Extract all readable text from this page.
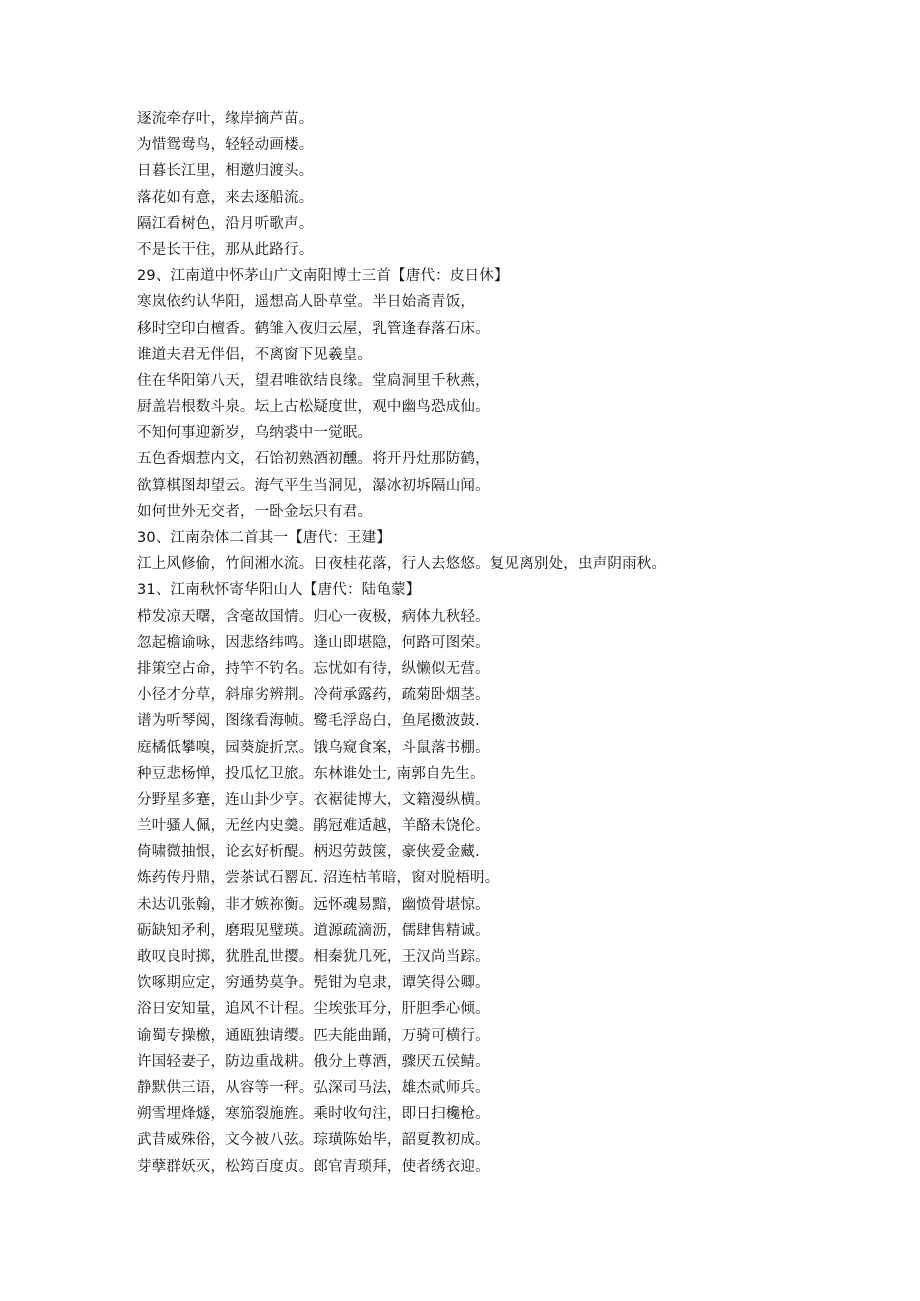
逐流牵存叶，缘岸摘芦苗。
为惜鸳鸯鸟，轻轻动画楼。
日暮长江里，相邀归渡头。
落花如有意，来去逐船流。
隔江看树色，沿月听歌声。
不是长干住，那从此路行。
29、江南道中怀茅山广文南阳博士三首【唐代：皮日休】
寒岚依约认华阳，遥想高人卧草堂。半日始斋青饭，
移时空印白檀香。鹤雏入夜归云屋，乳管逢春落石床。
谁道夫君无伴侣，不离窗下见羲皇。
住在华阳第八天，望君唯欲结良缘。堂扃洞里千秋燕，
厨盖岩根数斗泉。坛上古松疑度世，观中幽鸟恐成仙。
不知何事迎新岁，乌纳裘中一觉眠。
五色香烟惹内文，石饴初熟酒初醺。将开丹灶那防鹤，
欲算棋图却望云。海气平生当洞见，瀑冰初坼隔山闻。
如何世外无交者，一卧金坛只有君。
30、江南杂体二首其一【唐代：王建】
江上风修偷，竹间湘水流。日夜桂花落，行人去悠悠。复见离别处，虫声阴雨秋。
31、江南秋怀寄华阳山人【唐代：陆龟蒙】
栉发凉天曙，含毫故国情。归心一夜极，病体九秋轻。
忽起檐谕咏，因悲络纬鸣。逢山即堪隐，何路可图荣。
排策空占命，持竿不钓名。忘忧如有待，纵懒似无营。
小径才分草，斜扉劣辨荆。冷荷承露药，疏菊卧烟茎。
谱为听琴阅，图缘看海帧。鹭毛浮岛白，鱼尾擞波鼓.
庭橘低攀嗅，园葵旋折烹。饿乌窥食案，斗鼠落书棚。
种豆悲杨惮，投瓜忆卫旅。东林谁处士, 南郭自先生。
分野星多蹇，连山卦少亨。衣裾徒博大，文籍漫纵横。
兰叶骚人佩，无丝内史羹。鹃冠难适越，羊酪未饶伦。
倚啸微抽恨，论玄好析醍。柄迟劳鼓箧，豪侠爱金藏.
炼药传丹鼎，尝茶试石罂瓦. 沼连枯苇暗，窗对脱梧明。
未达讥张翰，非才嫉祢衡。远怀魂易黯，幽愤骨堪惊。
砺缺知矛利，磨瑕见璧瑛。道源疏滴沥，儒肆售精诚。
敢叹良时掷，犹胜乱世撄。相秦犹几死，王汉尚当踪。
饮啄期应定，穷通势莫争。髡钳为皂隶，谭笑得公卿。
浴日安知量，追风不计程。尘埃张耳分，肝胆季心倾。
谕蜀专操檄，通瓯独请缨。匹夫能曲踊，万骑可横行。
许国轻妻子，防边重战耕。俄分上尊酒，骤厌五侯鲭。
静默供三语，从容等一秤。弘深司马法，雄杰贰师兵。
朔雪埋烽燧，寒笳裂施旌。乘时收句注，即日扫欃枪。
武昔威殊俗，文今被八弦。琮璜陈始毕，韶夏教初成。
芽孽群妖灭，松筠百度贞。郎官青琐拜，使者绣衣迎。
